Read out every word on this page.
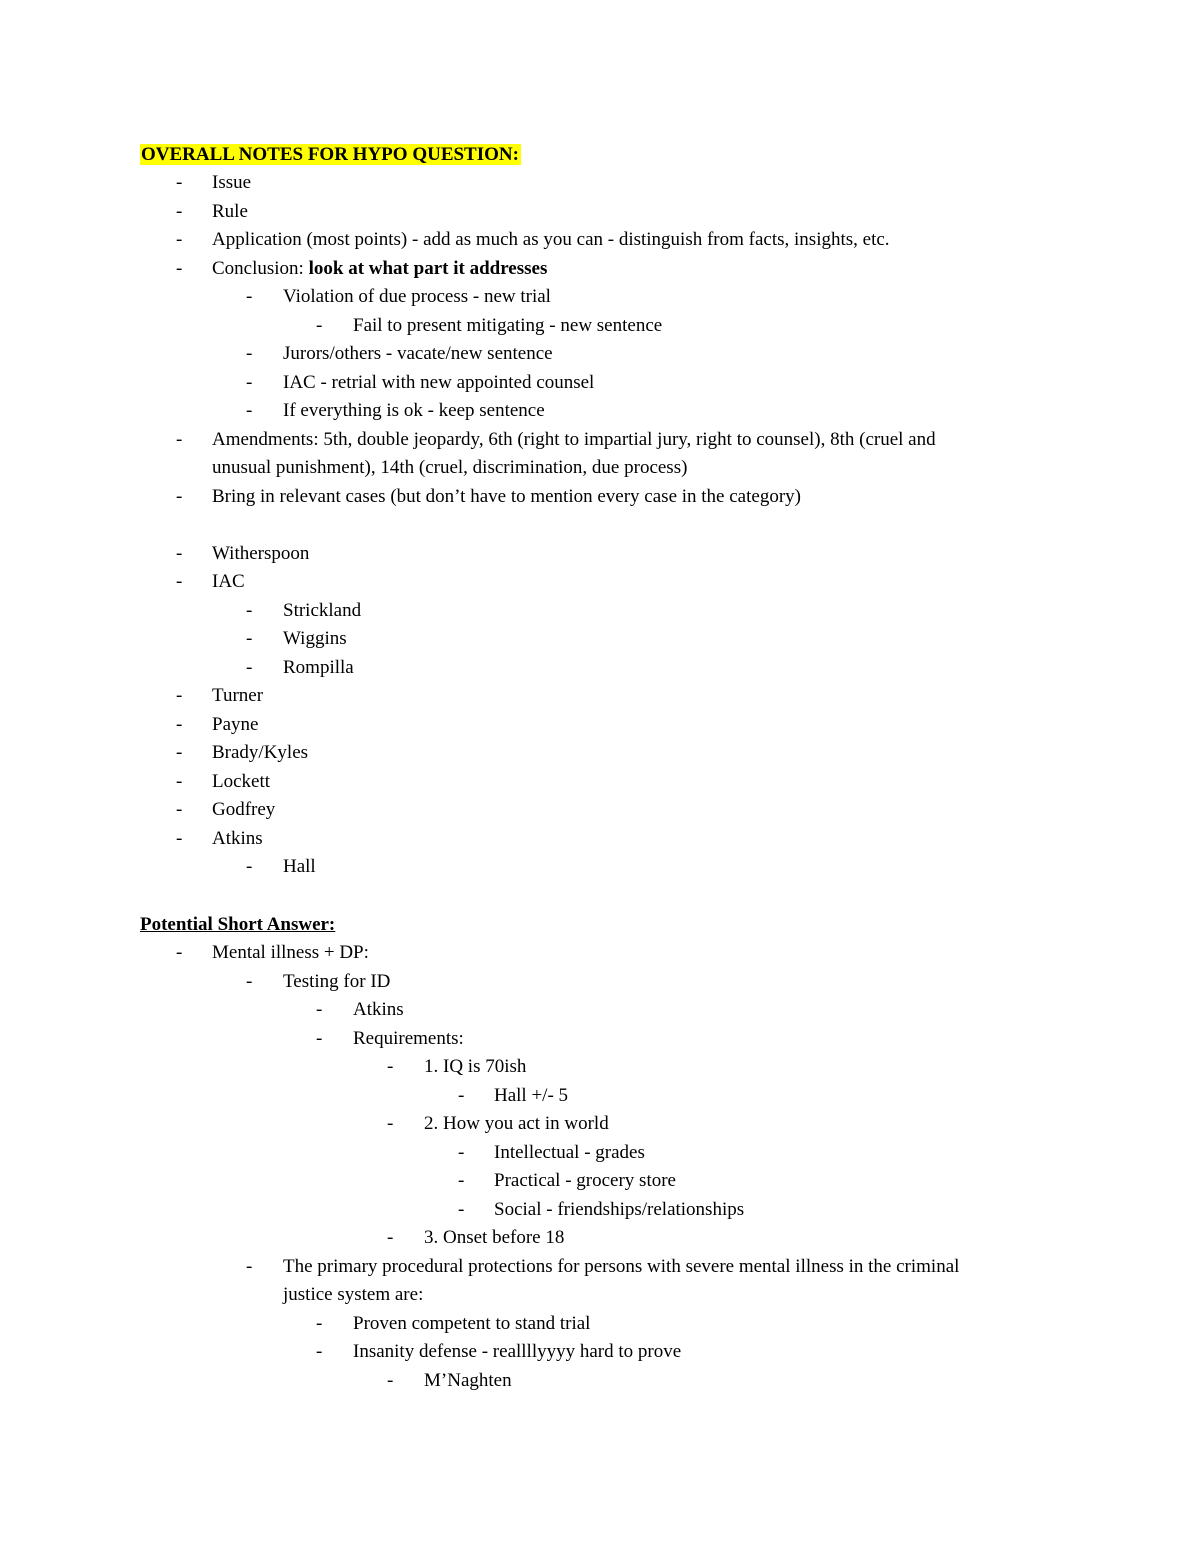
OVERALL NOTES FOR HYPO QUESTION:
- Issue
- Rule
- Application (most points) - add as much as you can - distinguish from facts, insights, etc.
- Conclusion: look at what part it addresses
- Violation of due process - new trial
- Fail to present mitigating - new sentence
- Jurors/others - vacate/new sentence
- IAC - retrial with new appointed counsel
- If everything is ok - keep sentence
- Amendments: 5th, double jeopardy, 6th (right to impartial jury, right to counsel), 8th (cruel and
unusual punishment), 14th (cruel, discrimination, due process)
- Bring in relevant cases (but don’t have to mention every case in the category)
- Witherspoon
- IAC
- Strickland
- Wiggins
- Rompilla
- Turner
- Payne
- Brady/Kyles
- Lockett
- Godfrey
- Atkins
- Hall
Potential Short Answer:
- Mental illness + DP:
- Testing for ID
- Atkins
- Requirements:
- 1. IQ is 70ish
- Hall +/- 5
- 2. How you act in world
- Intellectual - grades
- Practical - grocery store
- Social - friendships/relationships
- 3. Onset before 18
- The primary procedural protections for persons with severe mental illness in the criminal
justice system are:
- Proven competent to stand trial
- Insanity defense - reallllyyyy hard to prove
- M’Naghten
